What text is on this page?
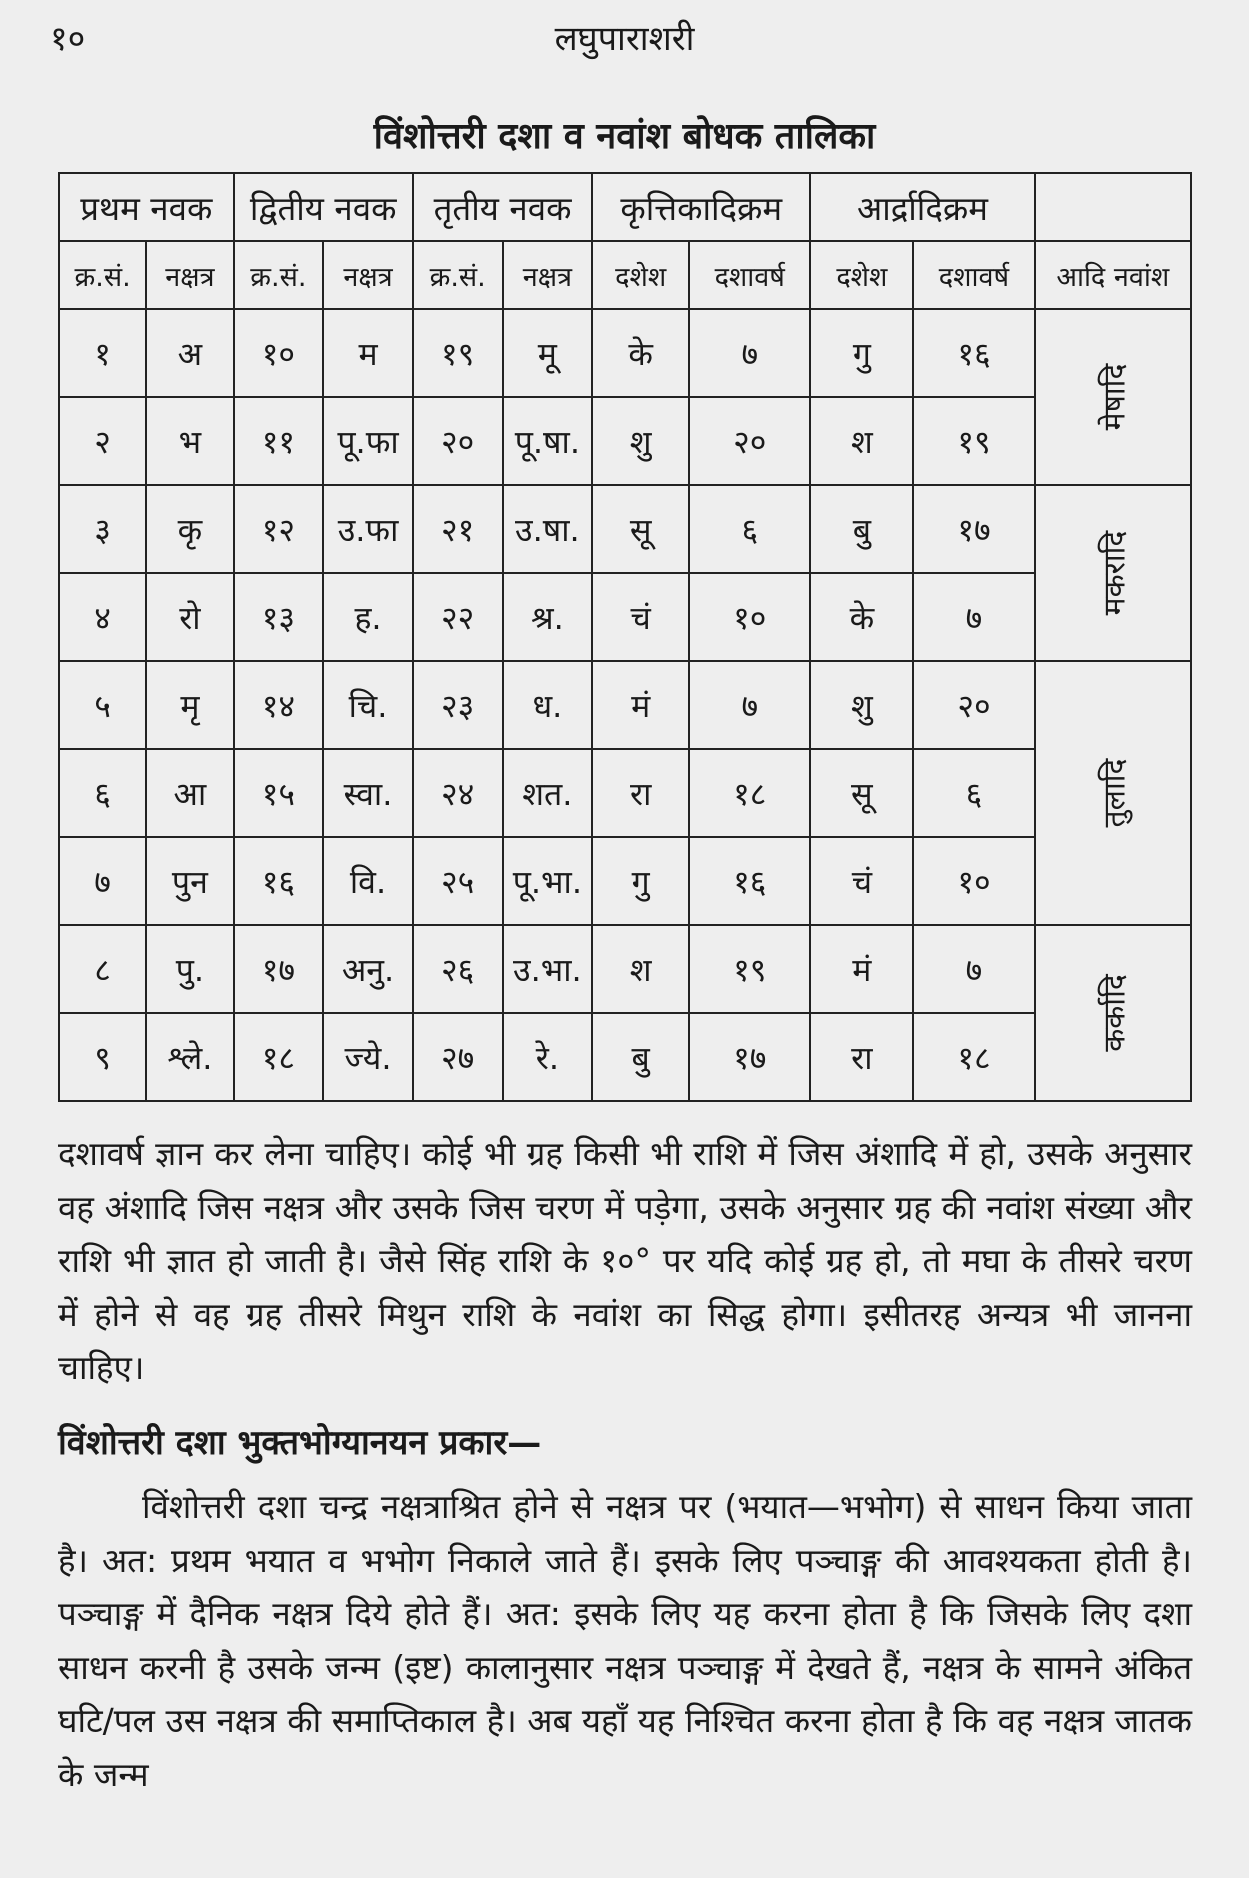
१०	लघुपाराशरी
विंशोत्तरी दशा व नवांश बोधक तालिका
प्रथम नवक		द्वितीय नवक		तृतीय नवक		कृत्तिकादिक्रम		आर्द्रादिक्रम		
क्र.सं.	नक्षत्र	क्र.सं.	नक्षत्र	क्र.सं.	नक्षत्र	दशेश	दशावर्ष	दशेश	दशावर्ष	आदि नवांश
१	अ	१०	म	१९	मू	के	७	गु	१६	मेषादि

२	भ	११	पू.फा	२०	पू.षा.	शु	२०	श	१९	
३	कृ	१२	उ.फा	२१	उ.षा.	सू	६	बु	१७	मकरादि

४	रो	१३	ह.	२२	श्र.	चं	१०	के	७	
५	मृ	१४	चि.	२३	ध.	मं	७	शु	२०	तुलादि

६	आ	१५	स्वा.	२४	शत.	रा	१८	सू	६	
७	पुन	१६	वि.	२५	पू.भा.	गु	१६	चं	१०	
८	पु.	१७	अनु.	२६	उ.भा.	श	१९	मं	७	कर्कादि

९	श्ले.	१८	ज्ये.	२७	रे.	बु	१७	रा	१८	

दशावर्ष ज्ञान कर लेना चाहिए। कोई भी ग्रह किसी भी राशि में जिस अंशादि में हो, उसके अनुसार वह अंशादि जिस नक्षत्र और उसके जिस चरण में पड़ेगा, उसके अनुसार ग्रह की नवांश संख्या और राशि भी ज्ञात हो जाती है। जैसे सिंह राशि के १०° पर यदि कोई ग्रह हो, तो मघा के तीसरे चरण में होने से वह ग्रह तीसरे मिथुन राशि के नवांश का सिद्ध होगा। इसीतरह अन्यत्र भी जानना चाहिए।

विंशोत्तरी दशा भुक्तभोग्यानयन प्रकार—

विंशोत्तरी दशा चन्द्र नक्षत्राश्रित होने से नक्षत्र पर (भयात—भभोग) से साधन किया जाता है। अत: प्रथम भयात व भभोग निकाले जाते हैं। इसके लिए पञ्चाङ्ग की आवश्यकता होती है। पञ्चाङ्ग में दैनिक नक्षत्र दिये होते हैं। अत: इसके लिए यह करना होता है कि जिसके लिए दशा साधन करनी है उसके जन्म (इष्ट) कालानुसार नक्षत्र पञ्चाङ्ग में देखते हैं, नक्षत्र के सामने अंकित घटि/पल उस नक्षत्र की समाप्तिकाल है। अब यहाँ यह निश्चित करना होता है कि वह नक्षत्र जातक के जन्म
